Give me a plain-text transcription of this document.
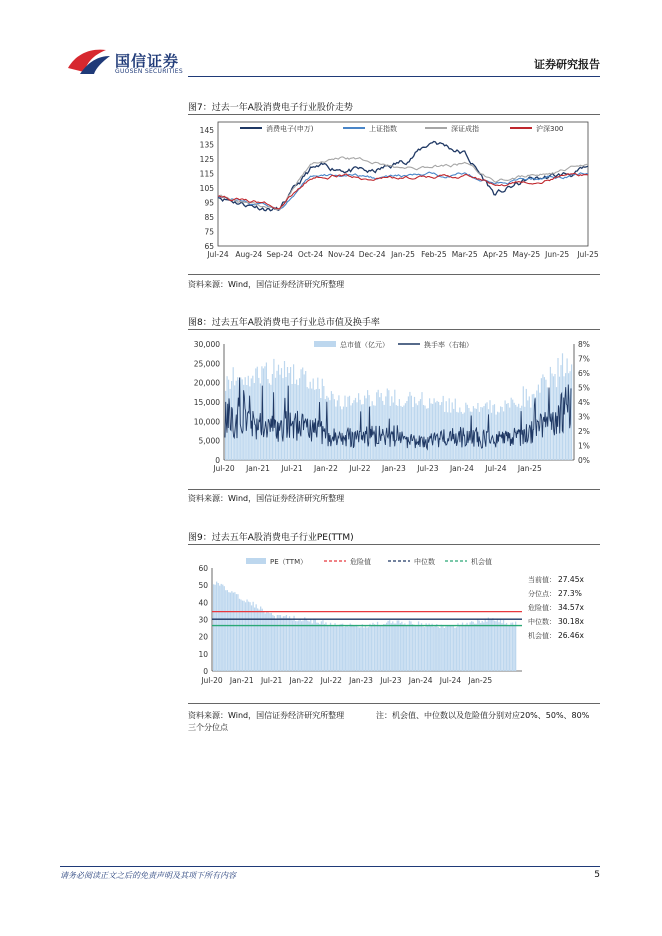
国信证券
GUOSEN SECURITIES
证券研究报告
图7：过去一年A股消费电子行业股价走势
65
75
85
95
105
115
125
135
145
Jul-24 Aug-24 Sep-24 Oct-24 Nov-24 Dec-24 Jan-25 Feb-25 Mar-25 Apr-25 May-25 Jun-25 Jul-25
消费电子(申万)	上证指数	深证成指	沪深300
资料来源：Wind，国信证券经济研究所整理
图8：过去五年A股消费电子行业总市值及换手率
0
5,000
10,000
15,000
20,000
25,000
30,000
0%
1%
2%
3%
4%
5%
6%
7%
8%
Jul-20 Jan-21 Jul-21 Jan-22 Jul-22 Jan-23 Jul-23 Jan-24 Jul-24 Jan-25
总市值（亿元）	换手率（右轴）
资料来源：Wind，国信证券经济研究所整理
图9：过去五年A股消费电子行业PE(TTM)
0
10
20
30
40
50
60
Jul-20 Jan-21 Jul-21 Jan-22 Jul-22 Jan-23 Jul-23 Jan-24 Jul-24 Jan-25
PE（TTM）	危险值	中位数	机会值
当前值： 27.45x
分位点： 27.3%
危险值： 34.57x
中位数： 30.18x
机会值： 26.46x
资料来源：Wind，国信证券经济研究所整理	注：机会值、中位数以及危险值分别对应20%、50%、80%
三个分位点
请务必阅读正文之后的免责声明及其项下所有内容	5
